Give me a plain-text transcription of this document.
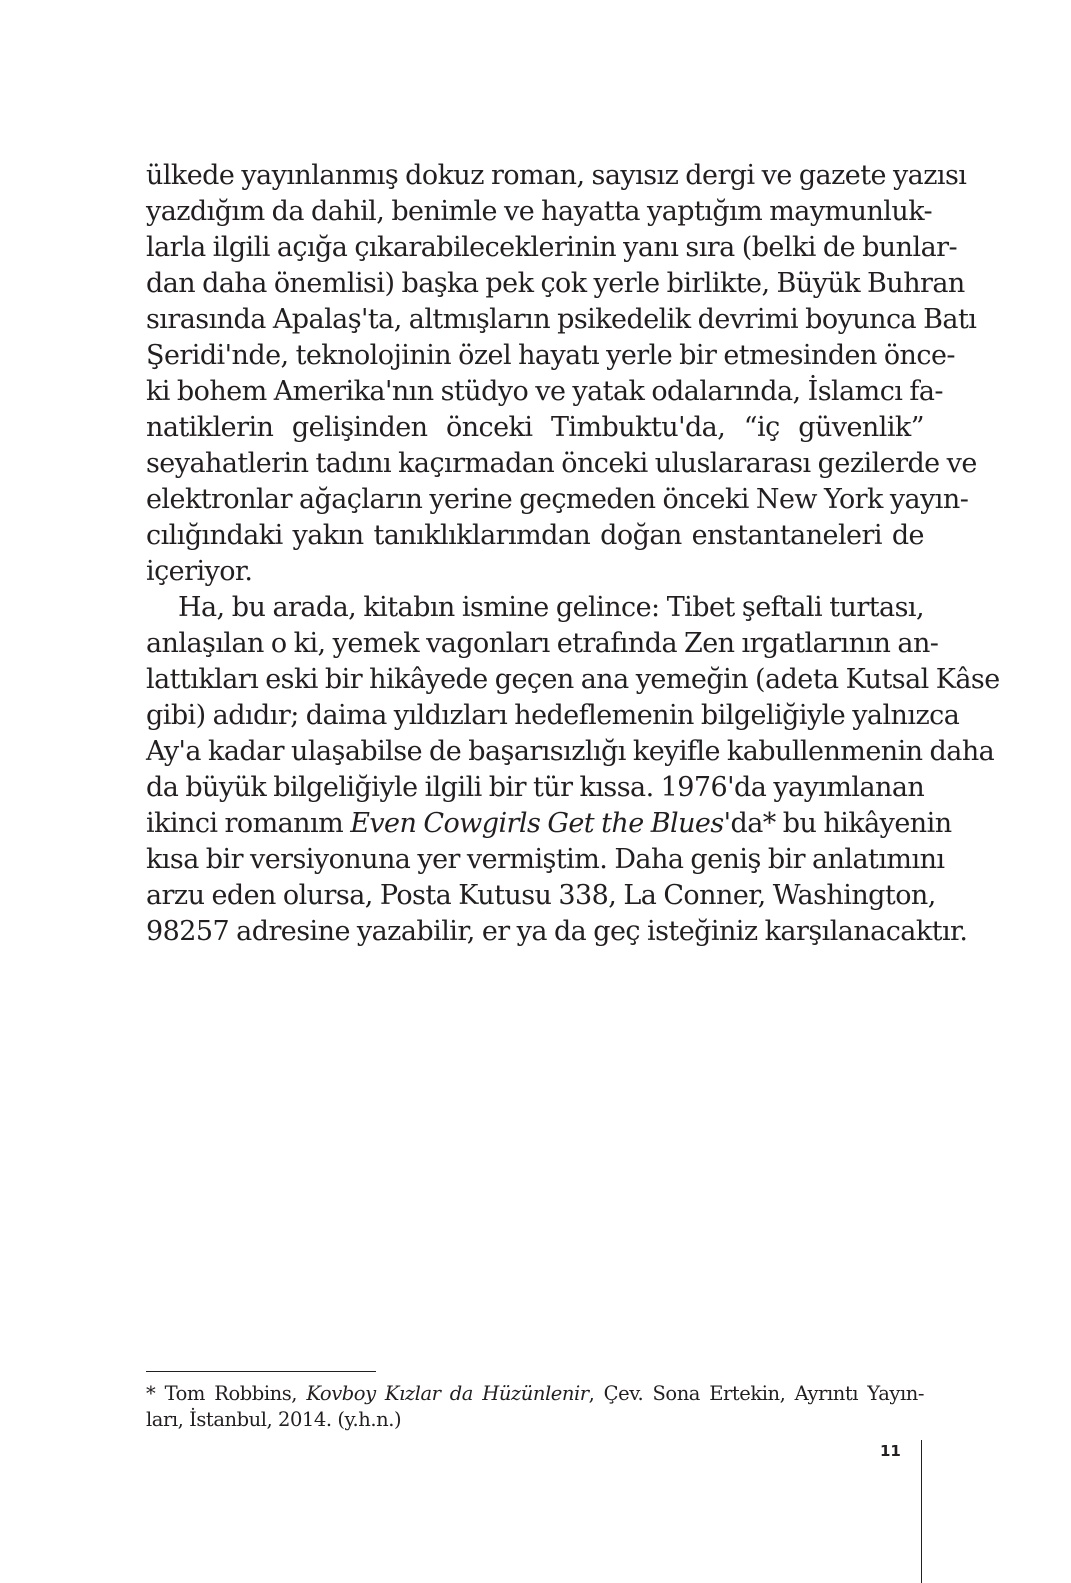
ülkede yayınlanmış dokuz roman, sayısız dergi ve gazete yazısı
yazdığım da dahil, benimle ve hayatta yaptığım maymunluk-
larla ilgili açığa çıkarabileceklerinin yanı sıra (belki de bunlar-
dan daha önemlisi) başka pek çok yerle birlikte, Büyük Buhran
sırasında Apalaş'ta, altmışların psikedelik devrimi boyunca Batı
Şeridi'nde, teknolojinin özel hayatı yerle bir etmesinden önce-
ki bohem Amerika'nın stüdyo ve yatak odalarında, İslamcı fa-
natiklerin gelişinden önceki Timbuktu'da, “iç güvenlik”
seyahatlerin tadını kaçırmadan önceki uluslararası gezilerde ve
elektronlar ağaçların yerine geçmeden önceki New York yayın-
cılığındaki yakın tanıklıklarımdan doğan enstantaneleri de
içeriyor.
Ha, bu arada, kitabın ismine gelince: Tibet şeftali turtası,
anlaşılan o ki, yemek vagonları etrafında Zen ırgatlarının an-
lattıkları eski bir hikâyede geçen ana yemeğin (adeta Kutsal Kâse
gibi) adıdır; daima yıldızları hedeflemenin bilgeliğiyle yalnızca
Ay'a kadar ulaşabilse de başarısızlığı keyifle kabullenmenin daha
da büyük bilgeliğiyle ilgili bir tür kıssa. 1976'da yayımlanan
ikinci romanım Even Cowgirls Get the Blues'da* bu hikâyenin
kısa bir versiyonuna yer vermiştim. Daha geniş bir anlatımını
arzu eden olursa, Posta Kutusu 338, La Conner, Washington,
98257 adresine yazabilir, er ya da geç isteğiniz karşılanacaktır.
* Tom Robbins, Kovboy Kızlar da Hüzünlenir, Çev. Sona Ertekin, Ayrıntı Yayın-
ları, İstanbul, 2014. (y.h.n.)
11
